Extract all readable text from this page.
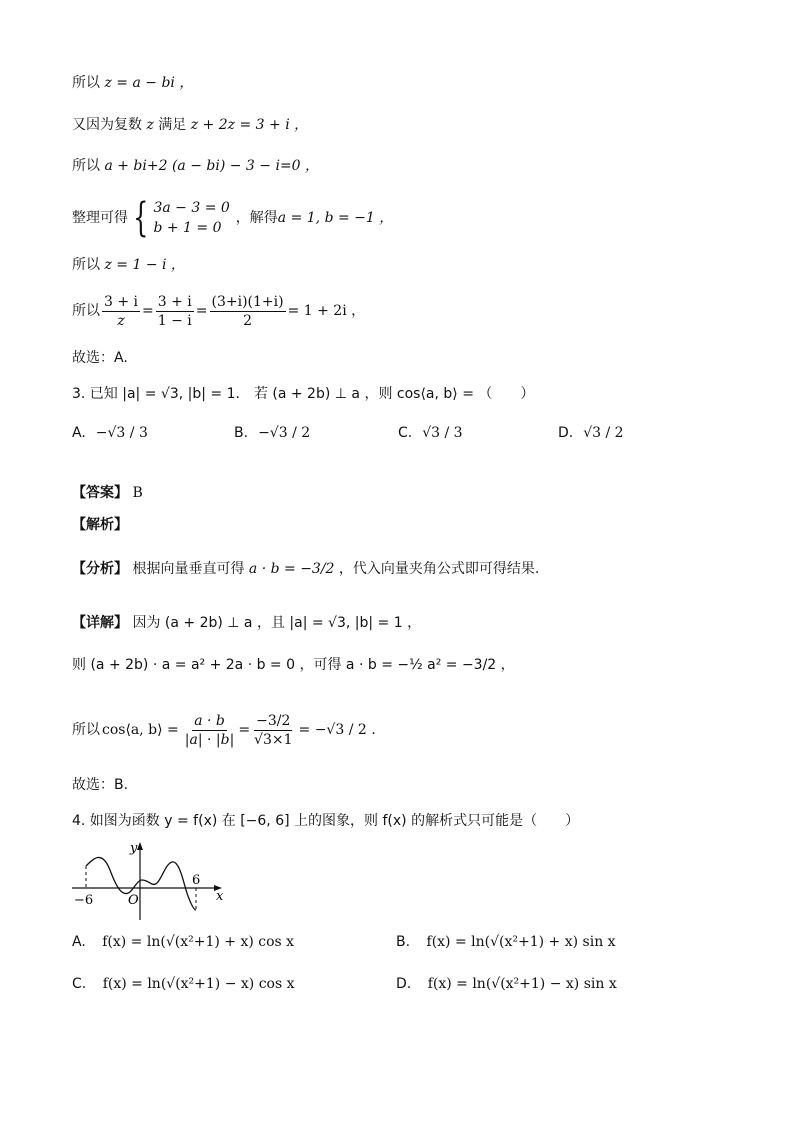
所以 z = a − bi ，
又因为复数 z 满足 z + 2z = 3 + i ，
所以 a + bi+2 (a − bi) − 3 − i=0 ，
整理可得 { 3a − 3 = 0
b + 1 = 0
，解得 a = 1, b = −1 ，
所以 z = 1 − i ，
所以 $\frac{3 + i}{z} = \frac{3 + i}{1 - i} = \frac{(3+i)(1+i)}{2} = 1 + 2i$ ，
故选：A.
3. 已知 |a| = √3, |b| = 1． 若 (a + 2b) ⊥ a ，则 cos⟨a, b⟩ = （　　）
A. −√3 / 3	B. −√3 / 2	C. √3 / 3	D. √3 / 2
【答案】 B
【解析】
【分析】 根据向量垂直可得 a · b = −3/2 ，代入向量夹角公式即可得结果.
【详解】 因为 (a + 2b) ⊥ a ，且 |a| = √3, |b| = 1 ，
则 (a + 2b) · a = a² + 2a · b = 0 ，可得 a · b = −½ a² = −3/2 ，
所以 cos⟨a, b⟩ = $\frac{a \cdot b}{|a| \cdot |b|} = \frac{-3/2}{√3\times 1} = -√3 / 2$ .
故选：B.
4. 如图为函数 y = f(x) 在 [−6, 6] 上的图象，则 f(x) 的解析式只可能是（　　）
y
x
O
−6
6
A. f(x) = ln(√(x²+1) + x) cos x	B. f(x) = ln(√(x²+1) + x) sin x
C. f(x) = ln(√(x²+1) − x) cos x	D. f(x) = ln(√(x²+1) − x) sin x
